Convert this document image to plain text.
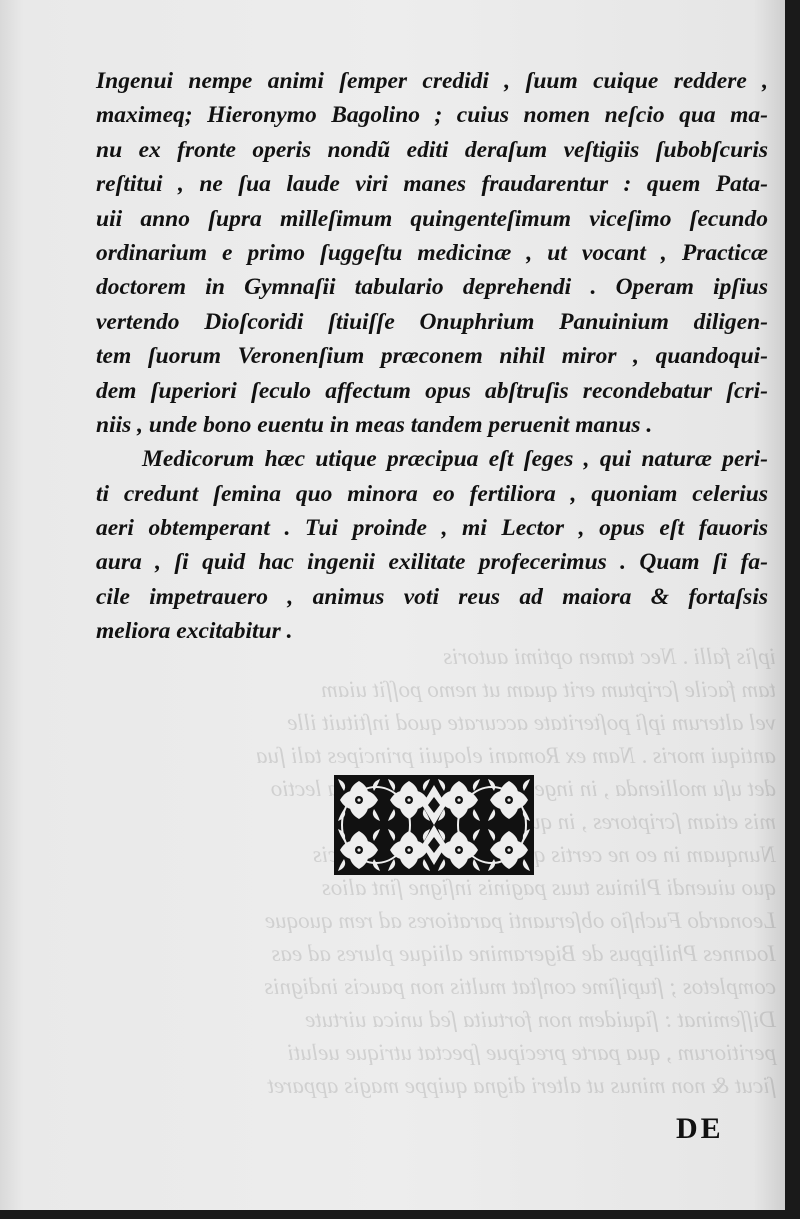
ipſis falli . Nec tamen optimi autoris
tam facile ſcriptum erit quam ut nemo poſſit uiam
vel alterum ipſi poſteritate accurate quod inſtituit ille
antiqui moris . Nam ex Romani eloquii principes tali ſua
det uſu mollienda , in ingenio lectio
mis etiam ſcriptores , in quibus elegantius multi
Nunquam in eo ne certis quibuſdam utiliter amicis
quo uiuendi Plinius tuus paginis inſigne ſint alios
Leonardo Fuchſio obſeruanti paratiores ad rem quoque
Ioannes Philippus de Bigeramine aliique plures ad eas
completos ; ſtupiſime conſtat multis non paucis indignis
Diſſeminat : ſiquidem non fortuita ſed unica uirtute
peritiorum , qua parte precipue ſpectat utrique ueluti
ſicut & non minus ut alteri digna quippe magis apparet
Ingenui nempe animi ſemper credidi , ſuum cuique reddere ,
maximeq; Hieronymo Bagolino ; cuius nomen neſcio qua ma-
nu ex fronte operis nondũ editi deraſum veſtigiis ſubobſcuris
reſtitui , ne ſua laude viri manes fraudarentur : quem Pata-
uii anno ſupra milleſimum quingenteſimum viceſimo ſecundo
ordinarium e primo ſuggeſtu medicinæ , ut vocant , Practicæ
doctorem in Gymnaſii tabulario deprehendi . Operam ipſius
vertendo Dioſcoridi ſtiuiſſe Onuphrium Panuinium diligen-
tem ſuorum Veronenſium præconem nihil miror , quandoqui-
dem ſuperiori ſeculo affectum opus abſtruſis recondebatur ſcri-
niis , unde bono euentu in meas tandem peruenit manus .
Medicorum hæc utique præcipua eſt ſeges , qui naturæ peri-
ti credunt ſemina quo minora eo fertiliora , quoniam celerius
aeri obtemperant . Tui proinde , mi Lector , opus eſt fauoris
aura , ſi quid hac ingenii exilitate profecerimus . Quam ſi fa-
cile impetrauero , animus voti reus ad maiora & fortaſsis
meliora excitabitur .
DE
